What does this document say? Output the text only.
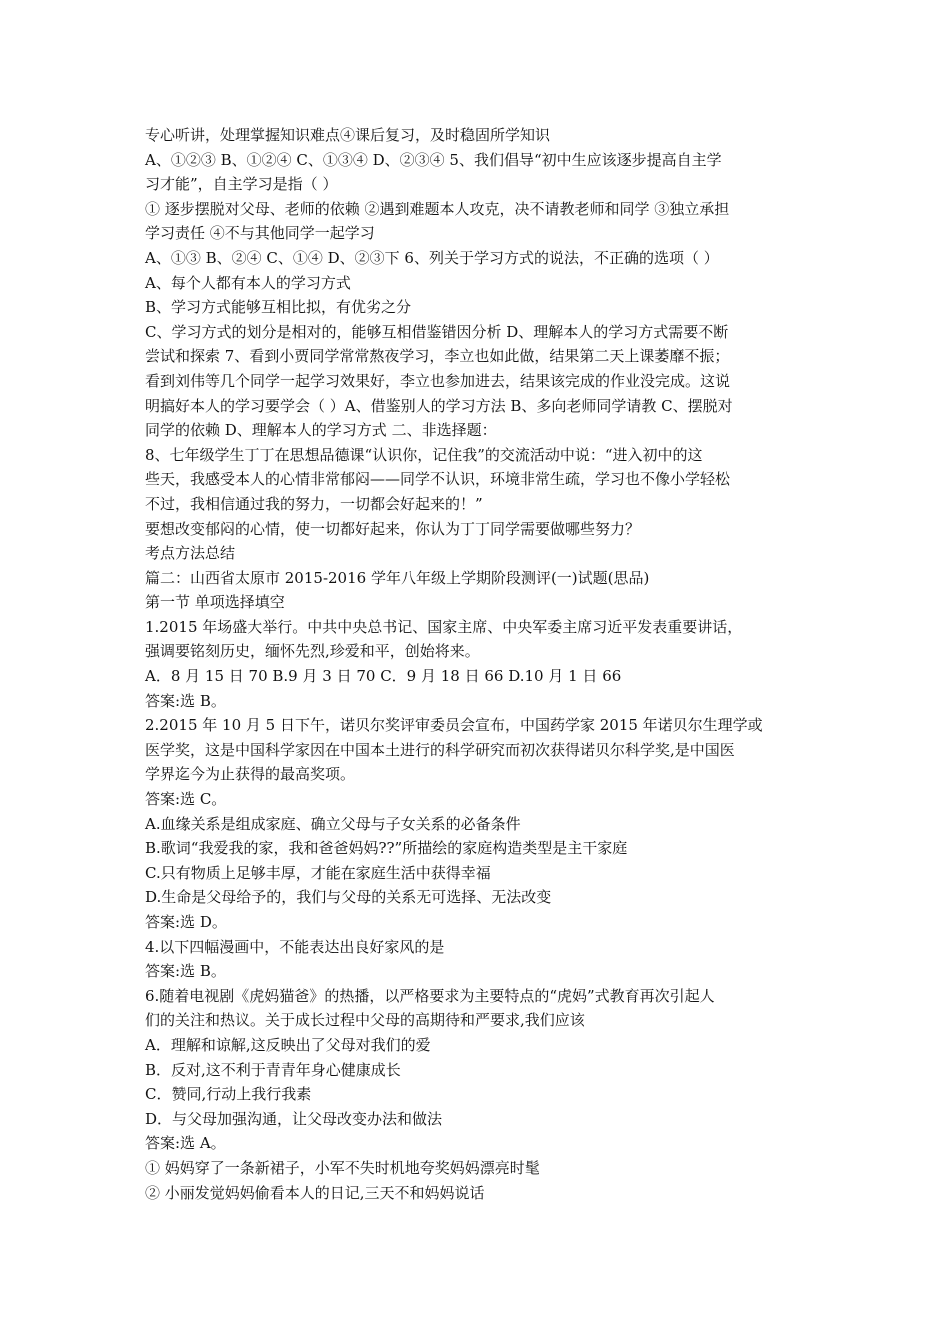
专心听讲，处理掌握知识难点④课后复习，及时稳固所学知识
A、①②③ B、①②④ C、①③④ D、②③④ 5、我们倡导“初中生应该逐步提高自主学
习才能”，自主学习是指（ ）
① 逐步摆脱对父母、老师的依赖 ②遇到难题本人攻克，决不请教老师和同学 ③独立承担
学习责任 ④不与其他同学一起学习
A、①③ B、②④ C、①④ D、②③下 6、列关于学习方式的说法，不正确的选项（ ）
A、每个人都有本人的学习方式
B、学习方式能够互相比拟，有优劣之分
C、学习方式的划分是相对的，能够互相借鉴错因分析 D、理解本人的学习方式需要不断
尝试和探索 7、看到小贾同学常常熬夜学习，李立也如此做，结果第二天上课萎靡不振；
看到刘伟等几个同学一起学习效果好，李立也参加进去，结果该完成的作业没完成。这说
明搞好本人的学习要学会（ ）A、借鉴别人的学习方法 B、多向老师同学请教 C、摆脱对
同学的依赖 D、理解本人的学习方式 二、非选择题：
8、七年级学生丁丁在思想品德课“认识你，记住我”的交流活动中说：“进入初中的这
些天，我感受本人的心情非常郁闷——同学不认识，环境非常生疏，学习也不像小学轻松
不过，我相信通过我的努力，一切都会好起来的！”
要想改变郁闷的心情，使一切都好起来，你认为丁丁同学需要做哪些努力？
考点方法总结
篇二：山西省太原市 2015-2016 学年八年级上学期阶段测评(一)试题(思品)
第一节 单项选择填空
1.2015 年场盛大举行。中共中央总书记、国家主席、中央军委主席习近平发表重要讲话，
强调要铭刻历史，缅怀先烈,珍爱和平，创始将来。
A．8 月 15 日 70 B.9 月 3 日 70 C．9 月 18 日 66 D.10 月 1 日 66
答案:选 B。
2.2015 年 10 月 5 日下午，诺贝尔奖评审委员会宣布，中国药学家 2015 年诺贝尔生理学或
医学奖，这是中国科学家因在中国本土进行的科学研究而初次获得诺贝尔科学奖,是中国医
学界迄今为止获得的最高奖项。
答案:选 C。
A.血缘关系是组成家庭、确立父母与子女关系的必备条件
B.歌词“我爱我的家，我和爸爸妈妈??”所描绘的家庭构造类型是主干家庭
C.只有物质上足够丰厚，才能在家庭生活中获得幸福
D.生命是父母给予的，我们与父母的关系无可选择、无法改变
答案:选 D。
4.以下四幅漫画中，不能表达出良好家风的是
答案:选 B。
6.随着电视剧《虎妈猫爸》的热播，以严格要求为主要特点的“虎妈”式教育再次引起人
们的关注和热议。关于成长过程中父母的高期待和严要求,我们应该
A．理解和谅解,这反映出了父母对我们的爱
B．反对,这不利于青青年身心健康成长
C．赞同,行动上我行我素
D．与父母加强沟通，让父母改变办法和做法
答案:选 A。
① 妈妈穿了一条新裙子，小军不失时机地夸奖妈妈漂亮时髦
② 小丽发觉妈妈偷看本人的日记,三天不和妈妈说话
